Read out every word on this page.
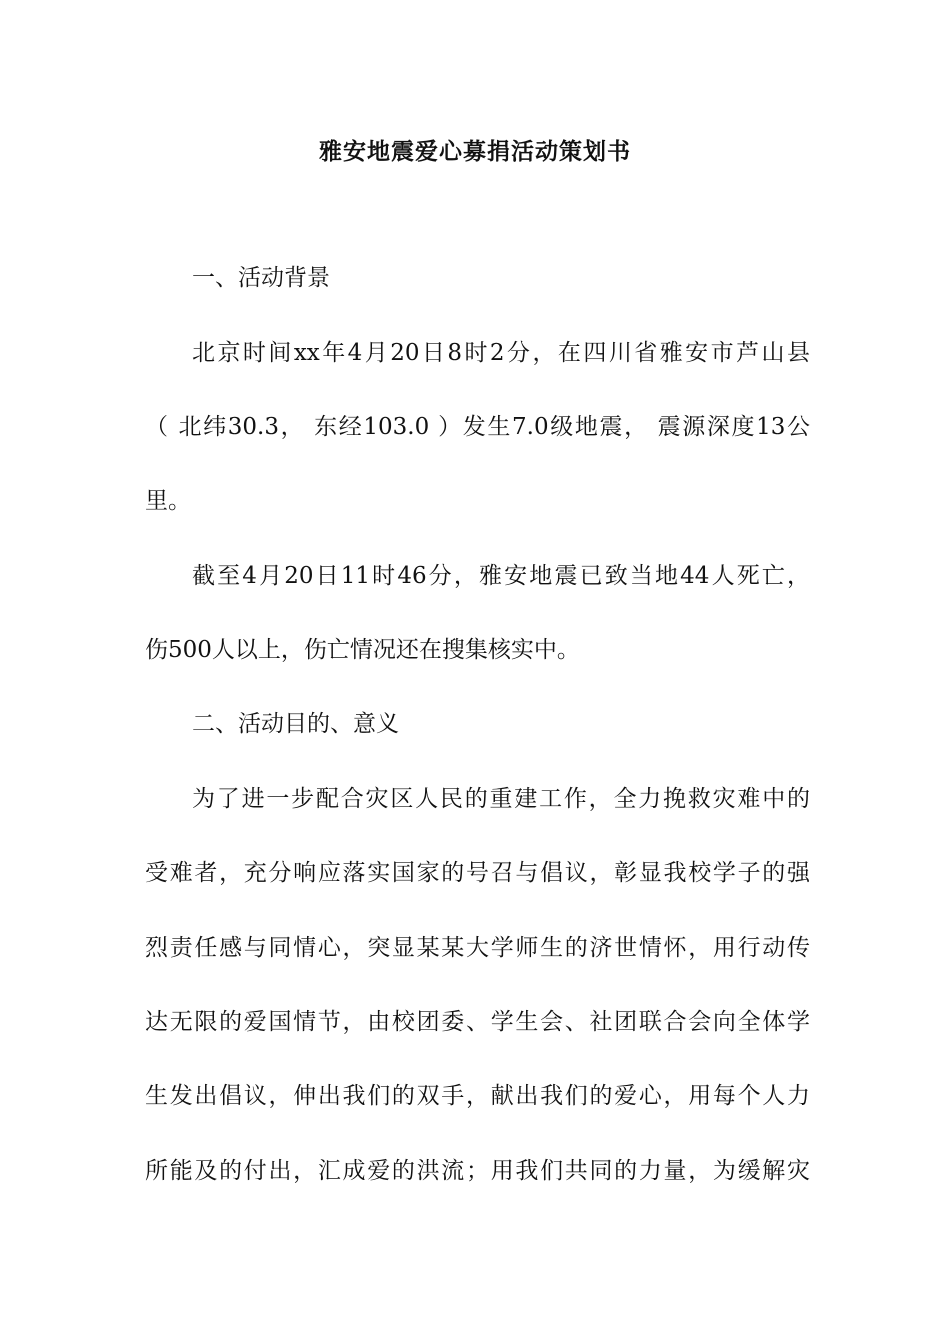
雅安地震爱心募捐活动策划书
一、活动背景
北京时间xx年4月20日8时2分，在四川省雅安市芦山县
（ 北纬30.3， 东经103.0 ）发生7.0级地震， 震源深度13公
里。
截至4月20日11时46分，雅安地震已致当地44人死亡，
伤500人以上，伤亡情况还在搜集核实中。
二、活动目的、意义
为了进一步配合灾区人民的重建工作，全力挽救灾难中的
受难者，充分响应落实国家的号召与倡议，彰显我校学子的强
烈责任感与同情心，突显某某大学师生的济世情怀，用行动传
达无限的爱国情节，由校团委、学生会、社团联合会向全体学
生发出倡议，伸出我们的双手，献出我们的爱心，用每个人力
所能及的付出，汇成爱的洪流；用我们共同的力量，为缓解灾
